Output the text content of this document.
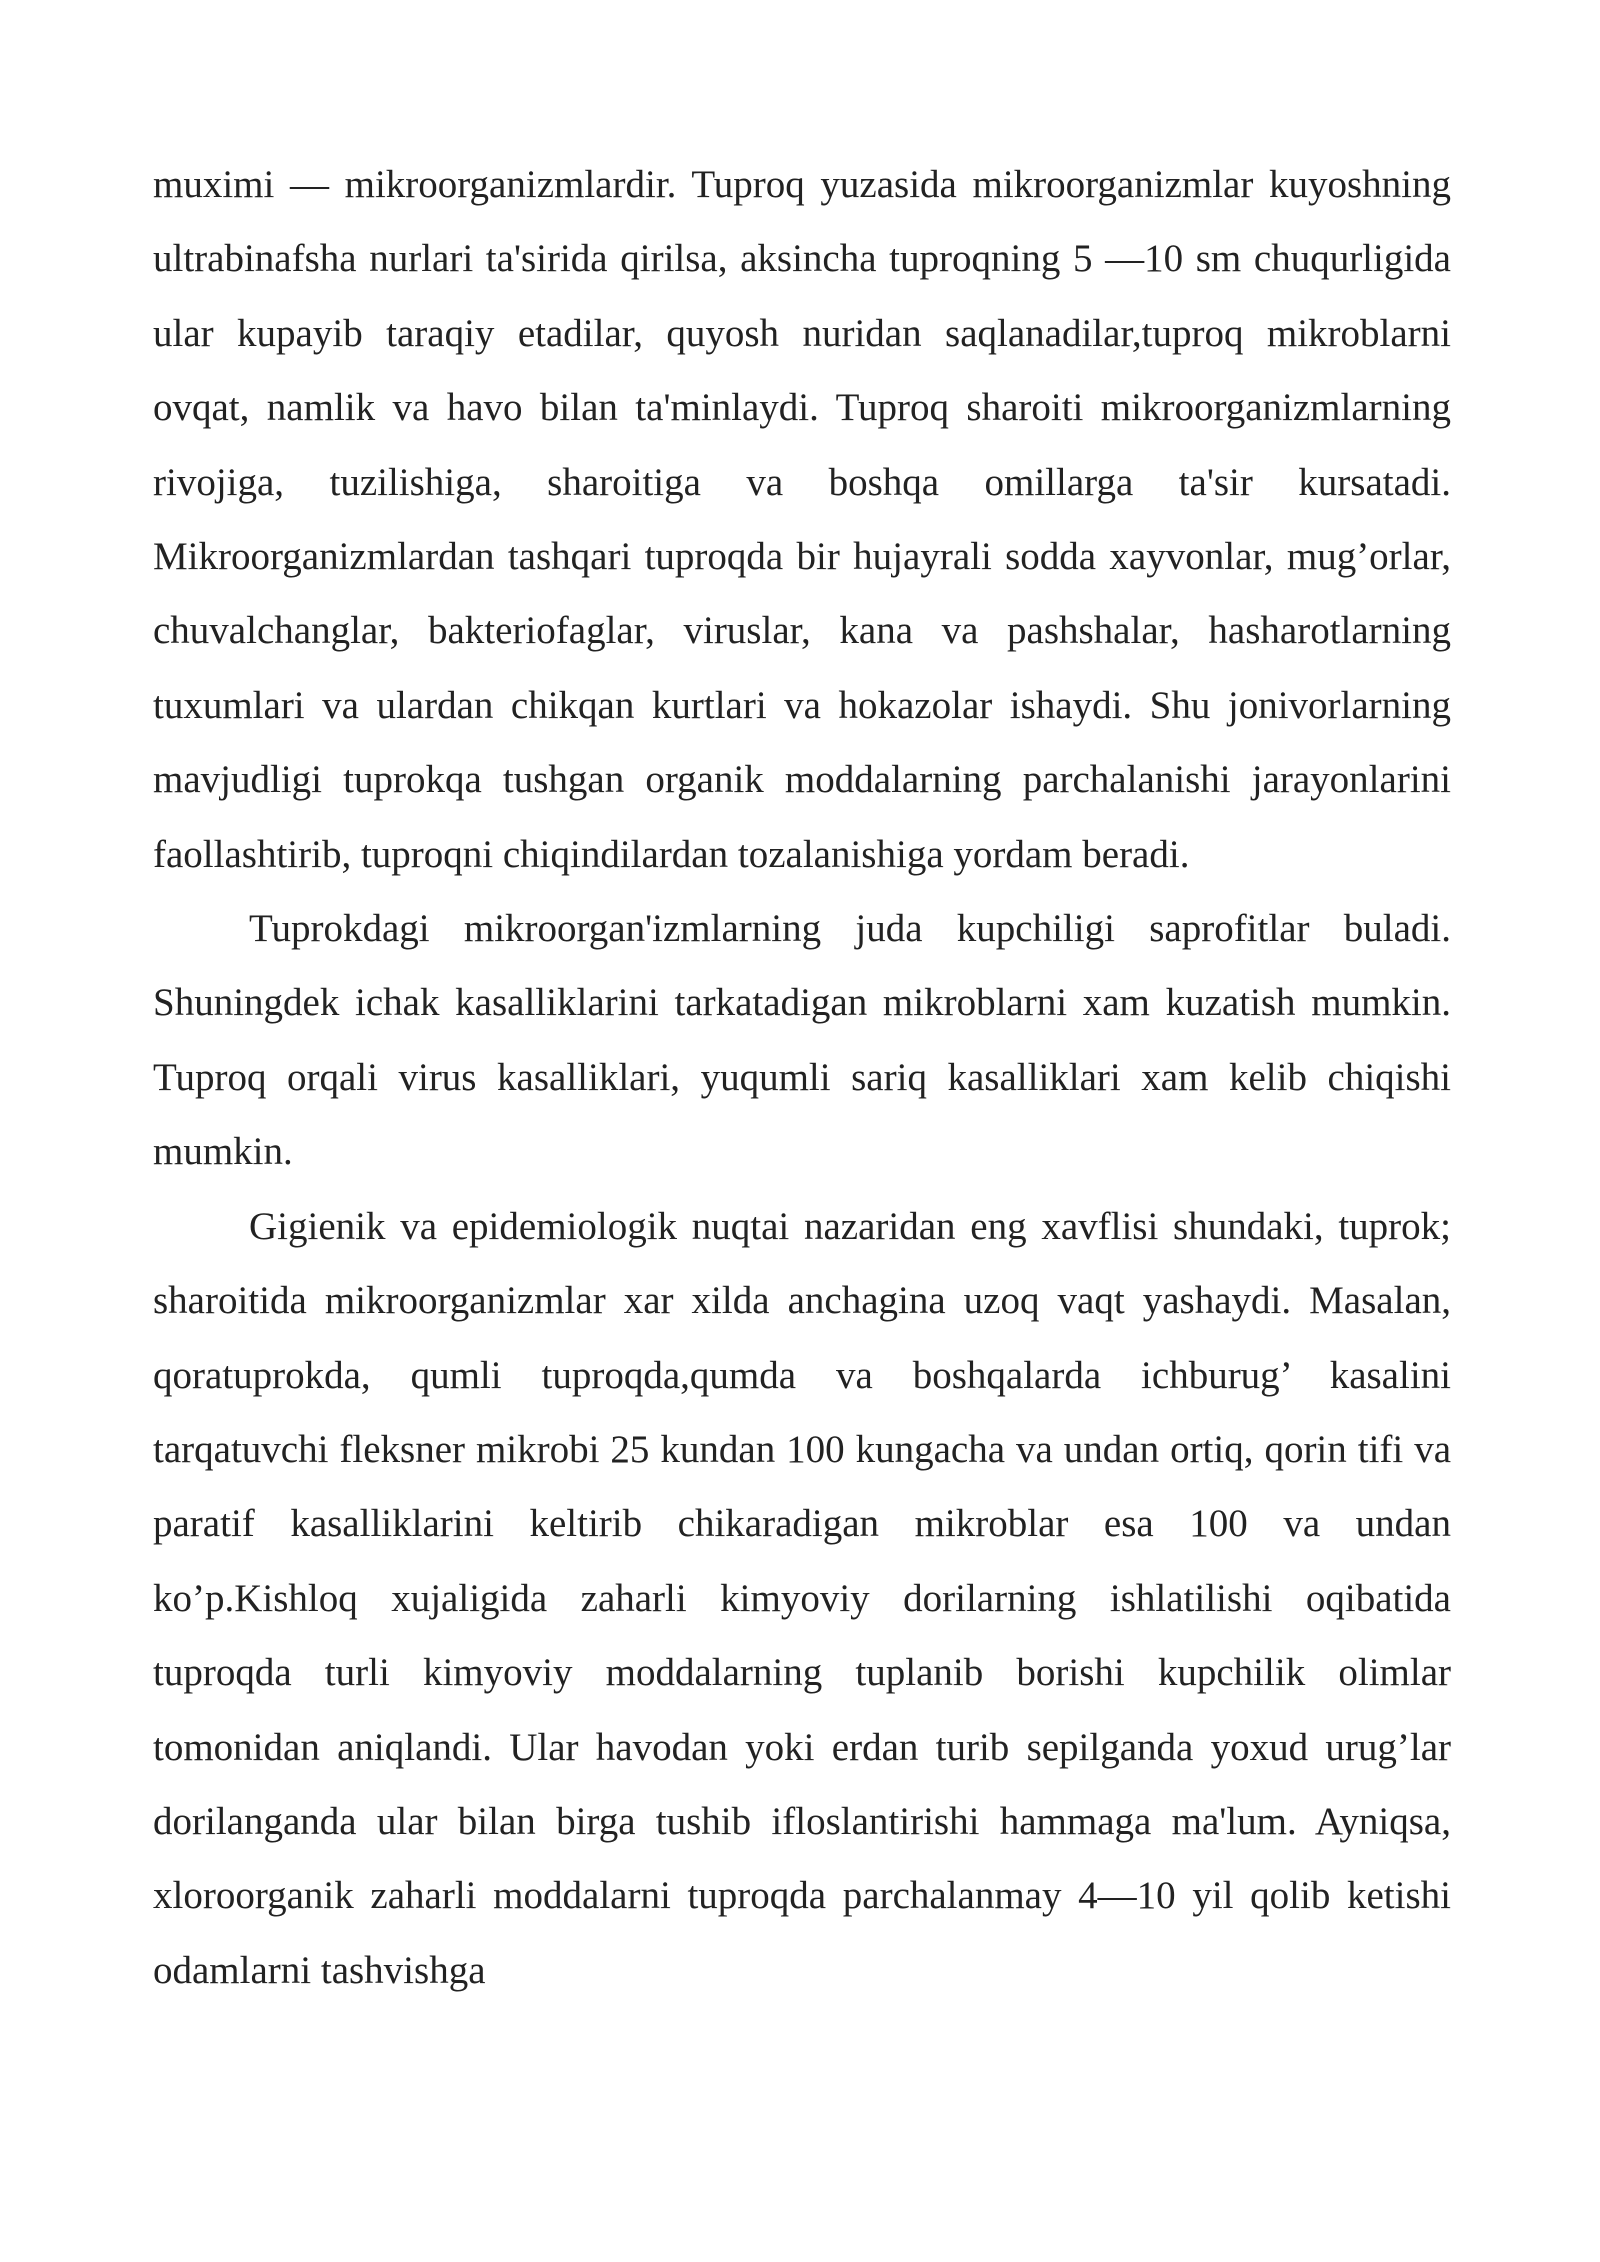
muximi — mikroorganizmlardir. Tuproq yuzasida mikroorganizmlar kuyoshning ultrabinafsha nurlari ta'sirida qirilsa, aksincha tuproqning 5 —10 sm chuqurligida ular kupayib taraqiy etadilar, quyosh nuridan saqlanadilar,tuproq mikroblarni ovqat, namlik va havo bilan ta'minlaydi. Tuproq sharoiti mikroorganizmlarning rivojiga, tuzilishiga, sharoitiga va boshqa omillarga ta'sir kursatadi. Mikroorganizmlardan tashqari tuproqda bir hujayrali sodda xayvonlar, mug’orlar, chuvalchanglar, bakteriofaglar, viruslar, kana va pashshalar, hasharotlarning tuxumlari va ulardan chikqan kurtlari va hokazolar ishaydi. Shu jonivorlarning mavjudligi tuprokqa tushgan organik moddalarning parchalanishi jarayonlarini faollashtirib, tuproqni chiqindilardan tozalanishiga yordam beradi.

Tuprokdagi mikroorgan'izmlarning juda kupchiligi saprofitlar buladi. Shuningdek ichak kasalliklarini tarkatadigan mikroblarni xam kuzatish mumkin. Tuproq orqali virus kasalliklari, yuqumli sariq kasalliklari xam kelib chiqishi mumkin.

Gigienik va epidemiologik nuqtai nazaridan eng xavflisi shundaki, tuprok; sharoitida mikroorganizmlar xar xilda anchagina uzoq vaqt yashaydi. Masalan, qoratuprokda, qumli tuproqda,qumda va boshqalarda ichburug’ kasalini tarqatuvchi fleksner mikrobi 25 kundan 100 kungacha va undan ortiq, qorin tifi va paratif kasalliklarini keltirib chikaradigan mikroblar esa 100 va undan ko’p.Kishloq xujaligida zaharli kimyoviy dorilarning ishlatilishi oqibatida tuproqda turli kimyoviy moddalarning tuplanib borishi kupchilik olimlar tomonidan aniqlandi. Ular havodan yoki erdan turib sepilganda yoxud urug’lar dorilanganda ular bilan birga tushib ifloslantirishi hammaga ma'lum. Ayniqsa, xloroorganik zaharli moddalarni tuproqda parchalanmay 4—10 yil qolib ketishi odamlarni tashvishga
